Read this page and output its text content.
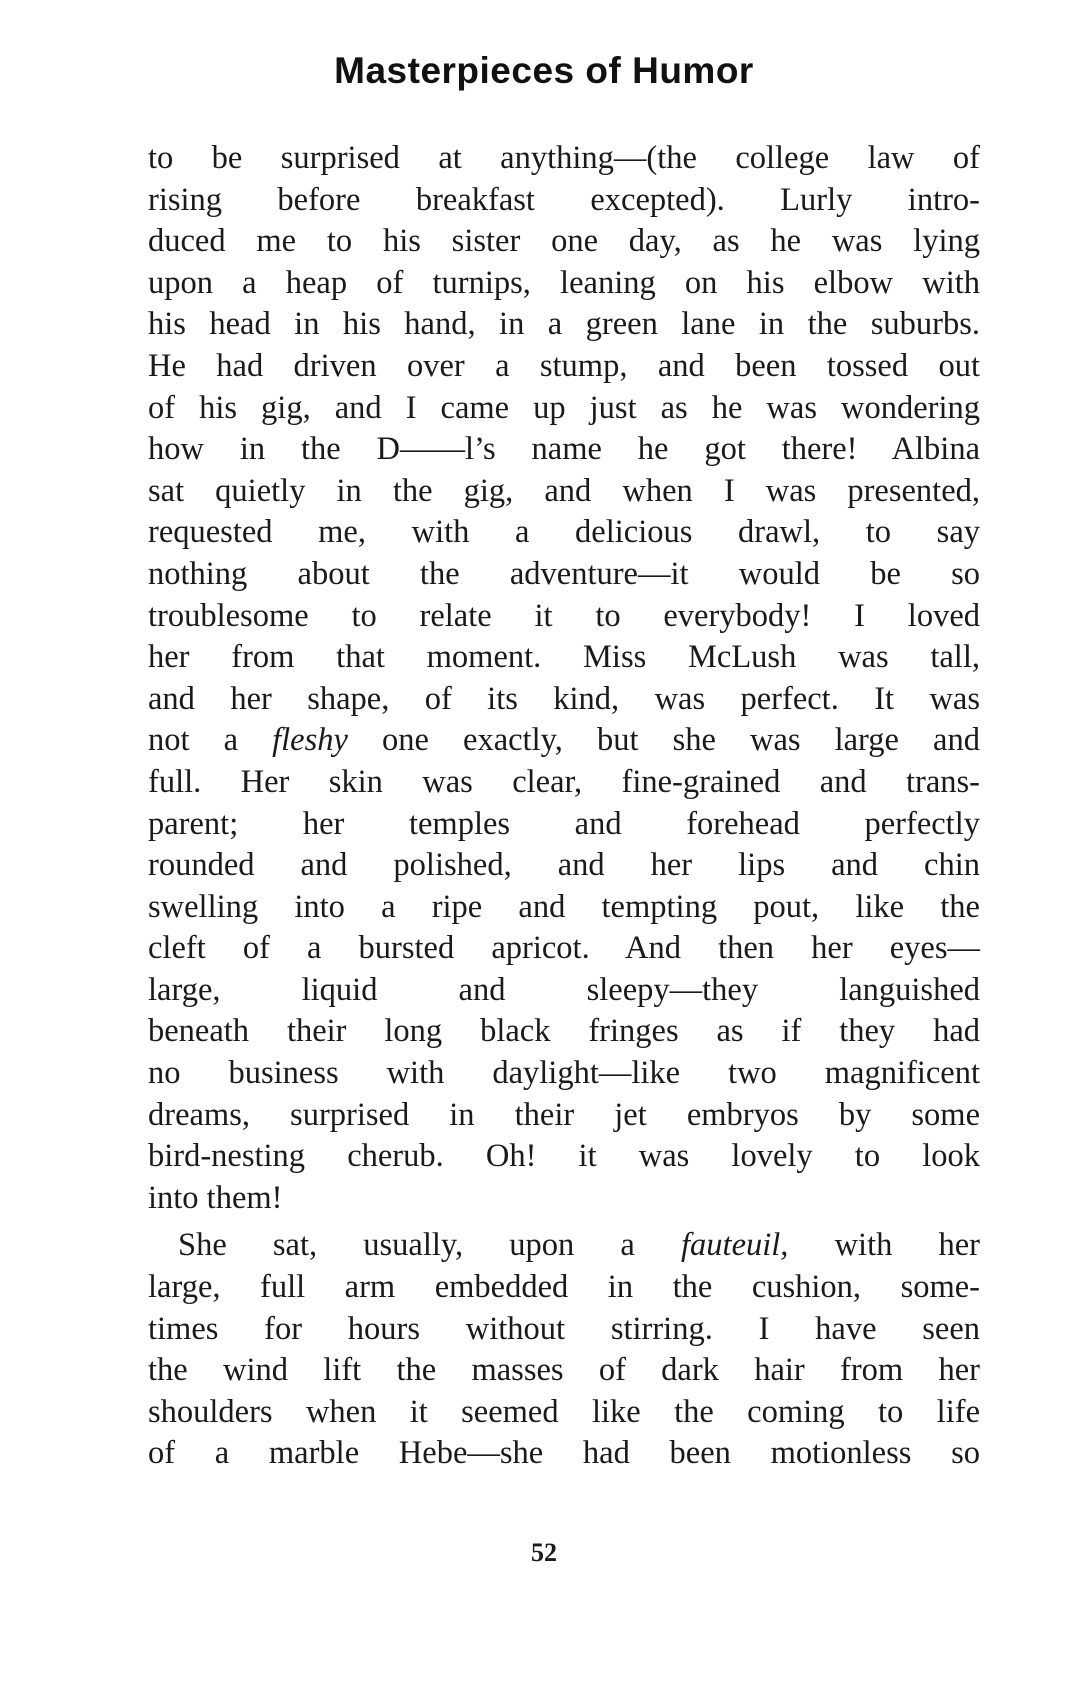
Masterpieces of Humor
to be surprised at anything—(the college law of
rising before breakfast excepted). Lurly intro-
duced me to his sister one day, as he was lying
upon a heap of turnips, leaning on his elbow with
his head in his hand, in a green lane in the suburbs.
He had driven over a stump, and been tossed out
of his gig, and I came up just as he was wondering
how in the D——l’s name he got there! Albina
sat quietly in the gig, and when I was presented,
requested me, with a delicious drawl, to say
nothing about the adventure—it would be so
troublesome to relate it to everybody! I loved
her from that moment. Miss McLush was tall,
and her shape, of its kind, was perfect. It was
not a fleshy one exactly, but she was large and
full. Her skin was clear, fine-grained and trans-
parent; her temples and forehead perfectly
rounded and polished, and her lips and chin
swelling into a ripe and tempting pout, like the
cleft of a bursted apricot. And then her eyes—
large, liquid and sleepy—they languished
beneath their long black fringes as if they had
no business with daylight—like two magnificent
dreams, surprised in their jet embryos by some
bird-nesting cherub. Oh! it was lovely to look
into them!
She sat, usually, upon a fauteuil, with her
large, full arm embedded in the cushion, some-
times for hours without stirring. I have seen
the wind lift the masses of dark hair from her
shoulders when it seemed like the coming to life
of a marble Hebe—she had been motionless so
52
